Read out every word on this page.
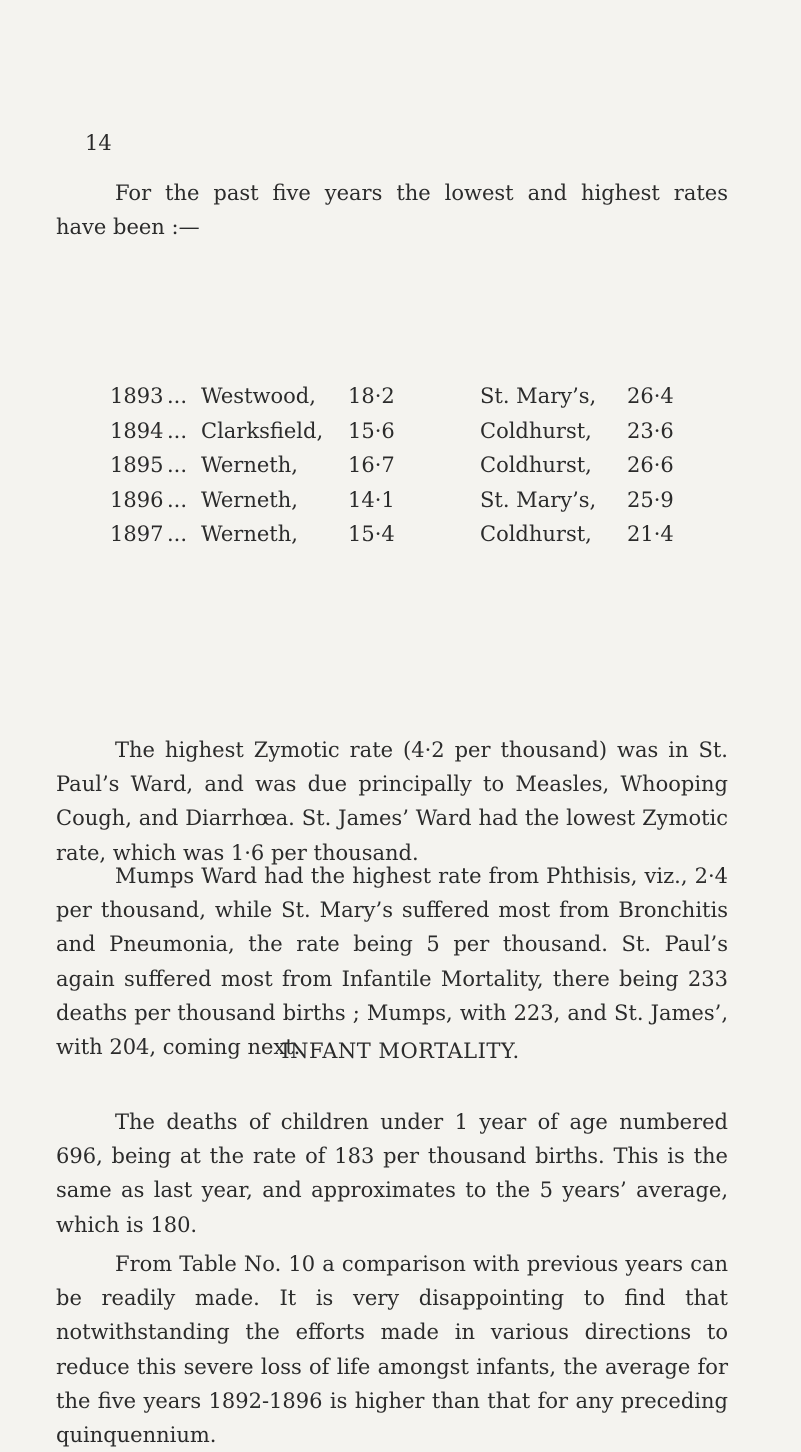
14

For the past five years the lowest and highest rates

have been :—

1893 ... Westwood, 18·2	St. Mary’s, 26·4
1894 ... Clarksfield, 15·6	Coldhurst, 23·6
1895 ... Werneth, 16·7	Coldhurst, 26·6
1896 ... Werneth, 14·1	St. Mary’s, 25·9
1897 ... Werneth, 15·4	Coldhurst, 21·4

The highest Zymotic rate (4·2 per thousand) was in St. Paul’s Ward, and was due principally to Measles, Whooping Cough, and Diarrhœa. St. James’ Ward had the lowest Zymotic rate, which was 1·6 per thousand.

Mumps Ward had the highest rate from Phthisis, viz., 2·4 per thousand, while St. Mary’s suffered most from Bronchitis and Pneumonia, the rate being 5 per thousand. St. Paul’s again suffered most from Infantile Mortality, there being 233 deaths per thousand births ; Mumps, with 223, and St. James’, with 204, coming next.

INFANT MORTALITY.

The deaths of children under 1 year of age numbered 696, being at the rate of 183 per thousand births. This is the same as last year, and approximates to the 5 years’ average, which is 180.

From Table No. 10 a comparison with previous years can be readily made. It is very disappointing to find that notwithstanding the efforts made in various directions to reduce this severe loss of life amongst infants, the average for the five years 1892-1896 is higher than that for any preceding quinquennium.
